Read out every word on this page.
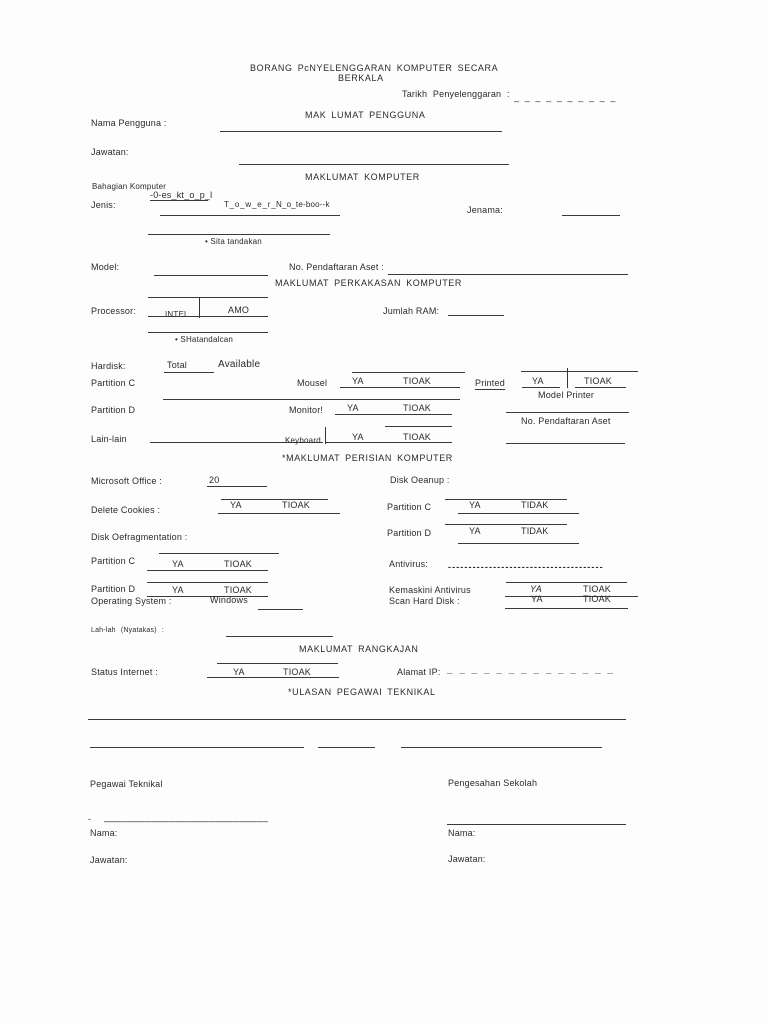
BORANG PcNYELENGGARAN KOMPUTER SECARA
BERKALA
Tarikh Penyelenggaran : _ _ _ _ _ _ _ _ _ _
MAK LUMAT PENGGUNA
Nama Pengguna :
Jawatan:
MAKLUMAT KOMPUTER
Bahagian Komputer
-0-es_kt_o_p_l
Jenis:	T_o_w_e_r_ N_o_te-boo--k
Jenama:
• Sita tandakan
Model:	No. Pendaftaran Aset :
MAKLUMAT PERKAKASAN KOMPUTER
Processor:	INTEL	AMO	Jumlah RAM:
• SHatandalcan
Hardisk:	Total	Available
Partition C	Mousel	YA	TIOAK	Printed	YA	TIOAK
Model Printer
Partition D	Monitor!	YA	TIOAK
No. Pendaftaran Aset
Lain-lain	Keyboard	YA	TIOAK
*MAKLUMAT PERISIAN KOMPUTER
Microsoft Office :	20	Disk Oeanup :
Delete Cookies :	YA	TIOAK	Partition C	YA	TIDAK
Disk Oefragmentation :	Partition D	YA	TIDAK
Partition C	YA	TIOAK	Antivirus: --------------------------------------
Partition D	YA	TIOAK	Kemaskini Antivirus	YA	TIOAK
Operating System :	Windows	Scan Hard Disk :	YA	TIOAK
Lah-lah (Nyatakas) :
MAKLUMAT RANGKAJAN
Status Internet :	YA	TIOAK	Alamat IP: _ _ _ _ _ _ _ _ _ _ _ _ _ _
*ULASAN PEGAWAI TEKNIKAL
Pegawai Teknikal	Pengesahan Sekolah
- ____________________________
Nama:	Nama:
Jawatan:	Jawatan:
